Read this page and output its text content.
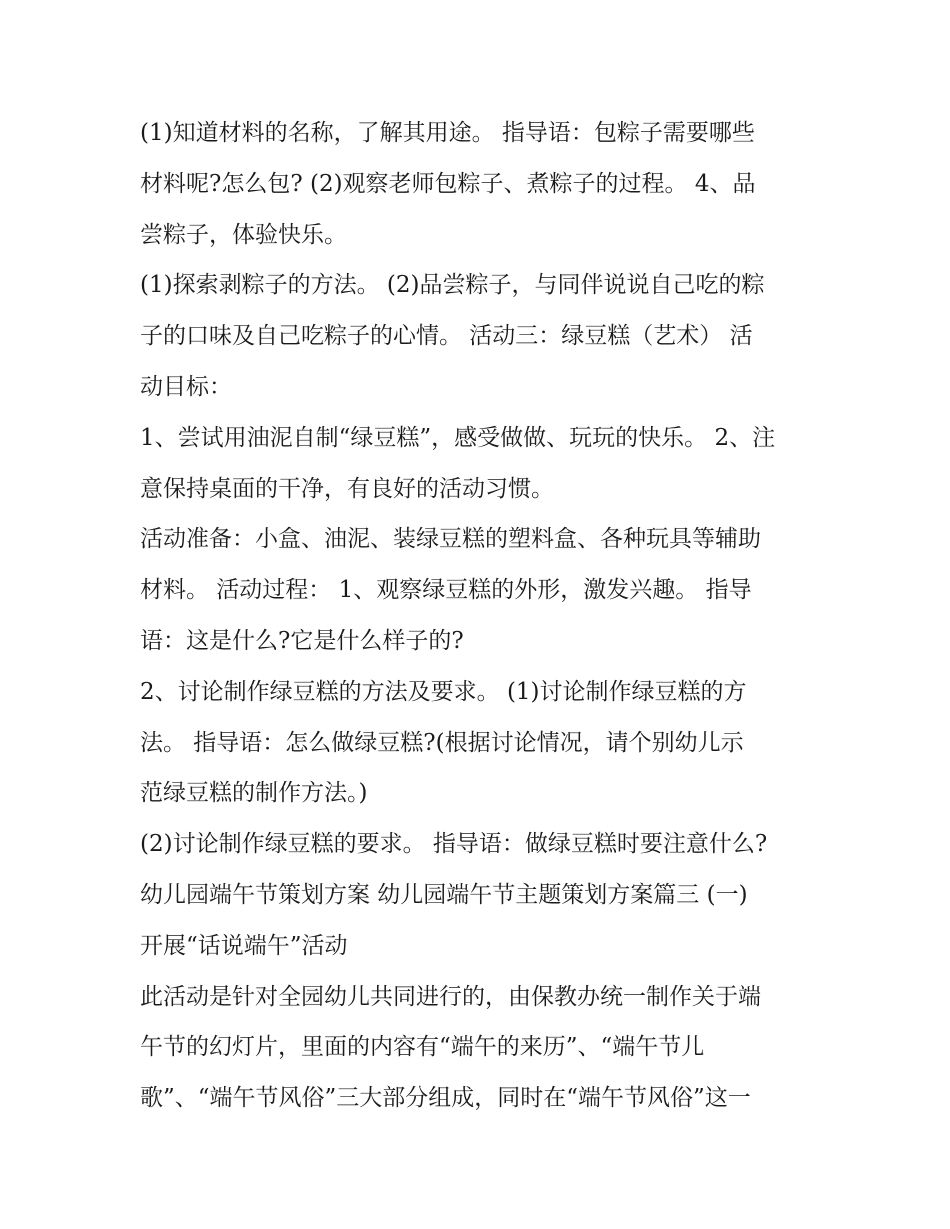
(1)知道材料的名称，了解其用途。 指导语：包粽子需要哪些
材料呢?怎么包? (2)观察老师包粽子、煮粽子的过程。 4、品
尝粽子，体验快乐。
(1)探索剥粽子的方法。 (2)品尝粽子，与同伴说说自己吃的粽
子的口味及自己吃粽子的心情。 活动三：绿豆糕（艺术） 活
动目标：
1、尝试用油泥自制“绿豆糕”，感受做做、玩玩的快乐。 2、注
意保持桌面的干净，有良好的活动习惯。
活动准备：小盒、油泥、装绿豆糕的塑料盒、各种玩具等辅助
材料。 活动过程： 1、观察绿豆糕的外形，激发兴趣。 指导
语：这是什么?它是什么样子的?
2、讨论制作绿豆糕的方法及要求。 (1)讨论制作绿豆糕的方
法。 指导语：怎么做绿豆糕?(根据讨论情况，请个别幼儿示
范绿豆糕的制作方法。)
(2)讨论制作绿豆糕的要求。 指导语：做绿豆糕时要注意什么?
幼儿园端午节策划方案 幼儿园端午节主题策划方案篇三 (一)
开展“话说端午”活动
此活动是针对全园幼儿共同进行的，由保教办统一制作关于端
午节的幻灯片，里面的内容有“端午的来历”、“端午节儿
歌”、“端午节风俗”三大部分组成，同时在“端午节风俗”这一
